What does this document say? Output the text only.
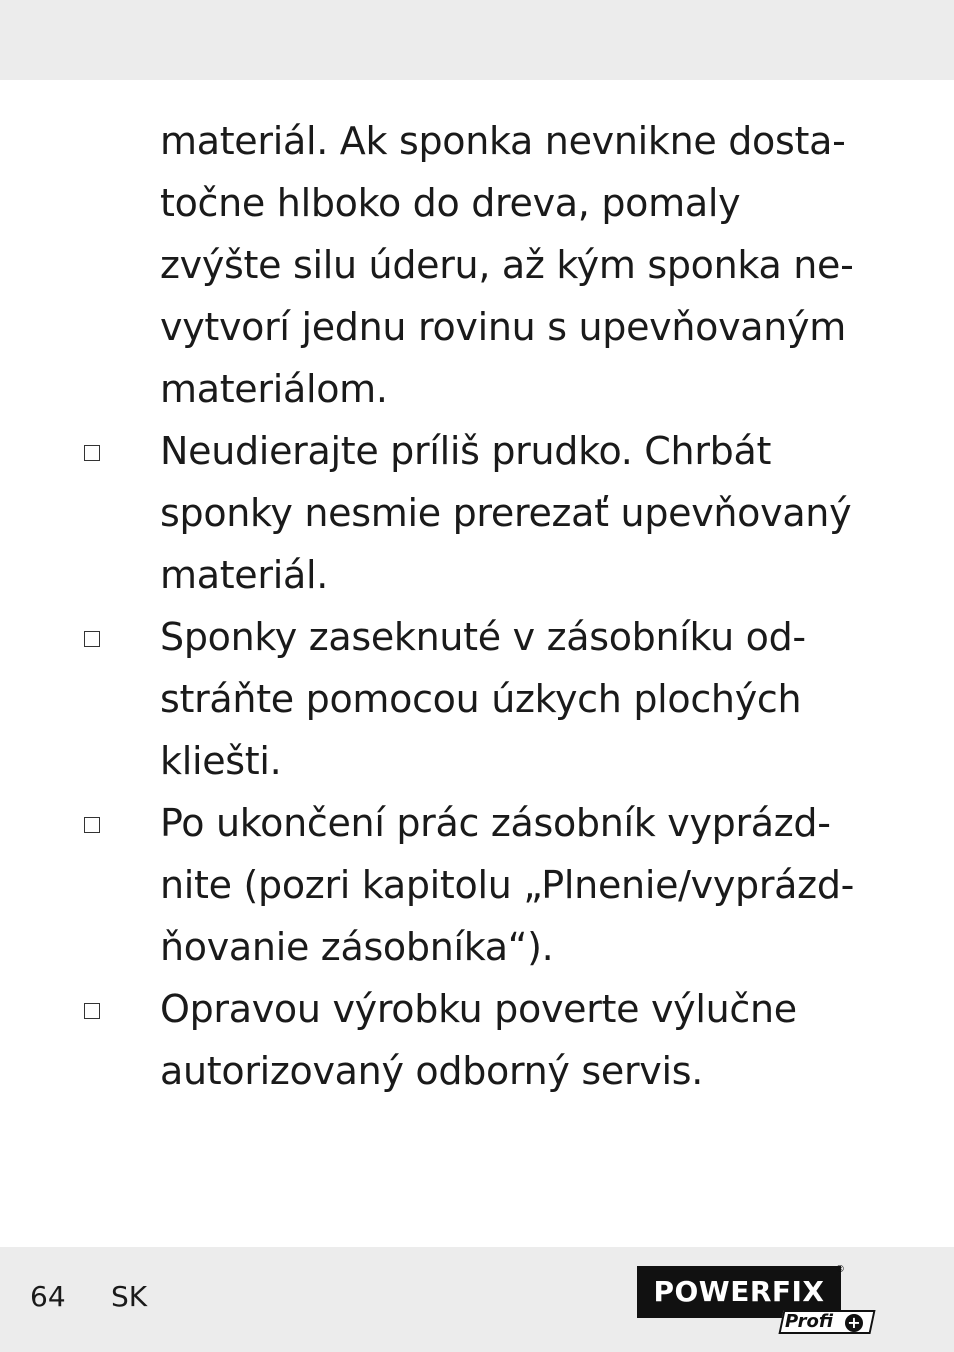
materiál. Ak sponka nevnikne dosta-
točne hlboko do dreva, pomaly
zvýšte silu úderu, až kým sponka ne-
vytvorí jednu rovinu s upevňovaným
materiálom.
Neudierajte príliš prudko. Chrbát
sponky nesmie prerezať upevňovaný
materiál.
Sponky zaseknuté v zásobníku od-
stráňte pomocou úzkych plochých
kliešti.
Po ukončení prác zásobník vyprázd-
nite (pozri kapitolu „Plnenie/vyprázd-
ňovanie zásobníka“).
Opravou výrobku poverte výlučne
autorizovaný odborný servis.
64 SK	POWERFIX
®
Profi +
